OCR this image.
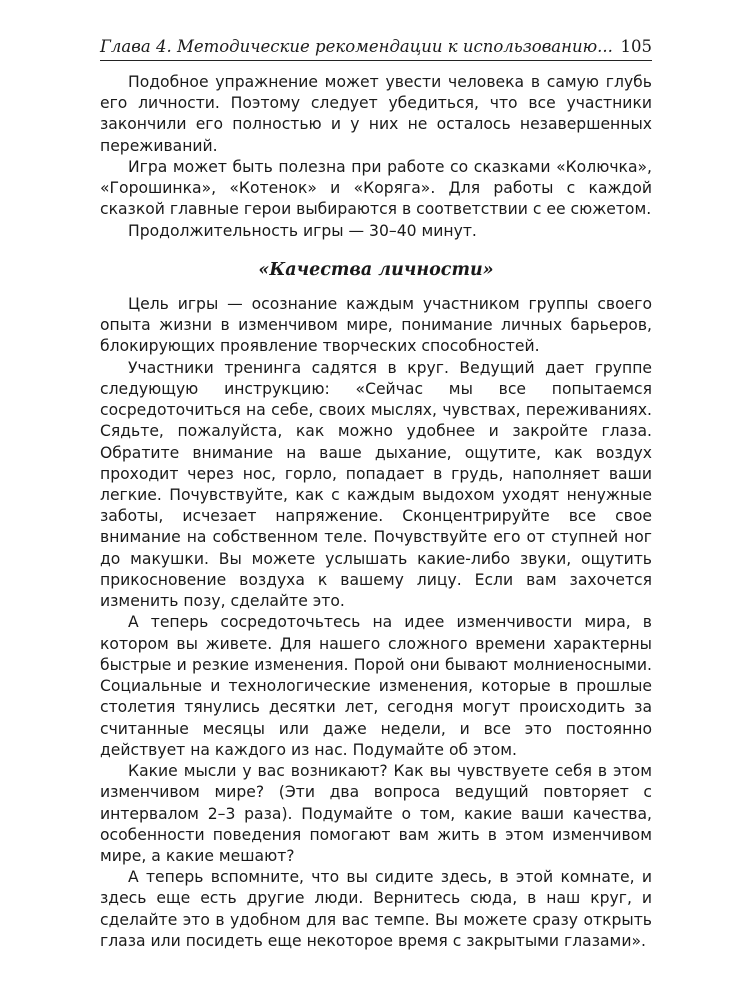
Глава 4. Методические рекомендации к использованию... 105

Подобное упражнение может увести человека в самую глубь его личности. Поэтому следует убедиться, что все участники закончили его полностью и у них не осталось незавершенных переживаний.

Игра может быть полезна при работе со сказками «Колючка», «Горошинка», «Котенок» и «Коряга». Для работы с каждой сказкой главные герои выбираются в соответствии с ее сюжетом.

Продолжительность игры — 30–40 минут.

«Качества личности»

Цель игры — осознание каждым участником группы своего опыта жизни в изменчивом мире, понимание личных барьеров, блокирующих проявление творческих способностей.

Участники тренинга садятся в круг. Ведущий дает группе следующую инструкцию: «Сейчас мы все попытаемся сосредоточиться на себе, своих мыслях, чувствах, переживаниях. Сядьте, пожалуйста, как можно удобнее и закройте глаза. Обратите внимание на ваше дыхание, ощутите, как воздух проходит через нос, горло, попадает в грудь, наполняет ваши легкие. Почувствуйте, как с каждым выдохом уходят ненужные заботы, исчезает напряжение. Сконцентрируйте все свое внимание на собственном теле. Почувствуйте его от ступней ног до макушки. Вы можете услышать какие-либо звуки, ощутить прикосновение воздуха к вашему лицу. Если вам захочется изменить позу, сделайте это.

А теперь сосредоточьтесь на идее изменчивости мира, в котором вы живете. Для нашего сложного времени характерны быстрые и резкие изменения. Порой они бывают молниеносными. Социальные и технологические изменения, которые в прошлые столетия тянулись десятки лет, сегодня могут происходить за считанные месяцы или даже недели, и все это постоянно действует на каждого из нас. Подумайте об этом.

Какие мысли у вас возникают? Как вы чувствуете себя в этом изменчивом мире? (Эти два вопроса ведущий повторяет с интервалом 2–3 раза). Подумайте о том, какие ваши качества, особенности поведения помогают вам жить в этом изменчивом мире, а какие мешают?

А теперь вспомните, что вы сидите здесь, в этой комнате, и здесь еще есть другие люди. Вернитесь сюда, в наш круг, и сделайте это в удобном для вас темпе. Вы можете сразу открыть глаза или посидеть еще некоторое время с закрытыми глазами».
